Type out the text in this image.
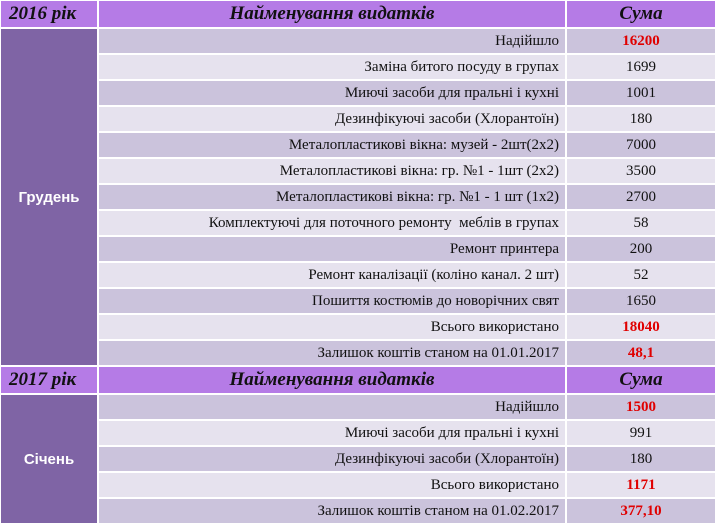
2016 рік	Найменування видатків	Сума
Грудень	Надійшло	16200
	Заміна битого посуду в групах	1699
	Миючі засоби для пральні і кухні	1001
	Дезинфікуючі засоби (Хлорантоїн)	180
	Металопластикові вікна: музей - 2шт(2х2)	7000
	Металопластикові вікна: гр. №1 - 1шт (2х2)	3500
	Металопластикові вікна: гр. №1 - 1 шт (1х2)	2700
	Комплектуючі для поточного ремонту  меблів в групах	58
	Ремонт принтера	200
	Ремонт каналізації (коліно канал. 2 шт)	52
	Пошиття костюмів до новорічних свят	1650
	Всього використано	18040
	Залишок коштів станом на 01.01.2017	48,1
2017 рік	Найменування видатків	Сума
Січень	Надійшло	1500
	Миючі засоби для пральні і кухні	991
	Дезинфікуючі засоби (Хлорантоїн)	180
	Всього використано	1171
	Залишок коштів станом на 01.02.2017	377,10
